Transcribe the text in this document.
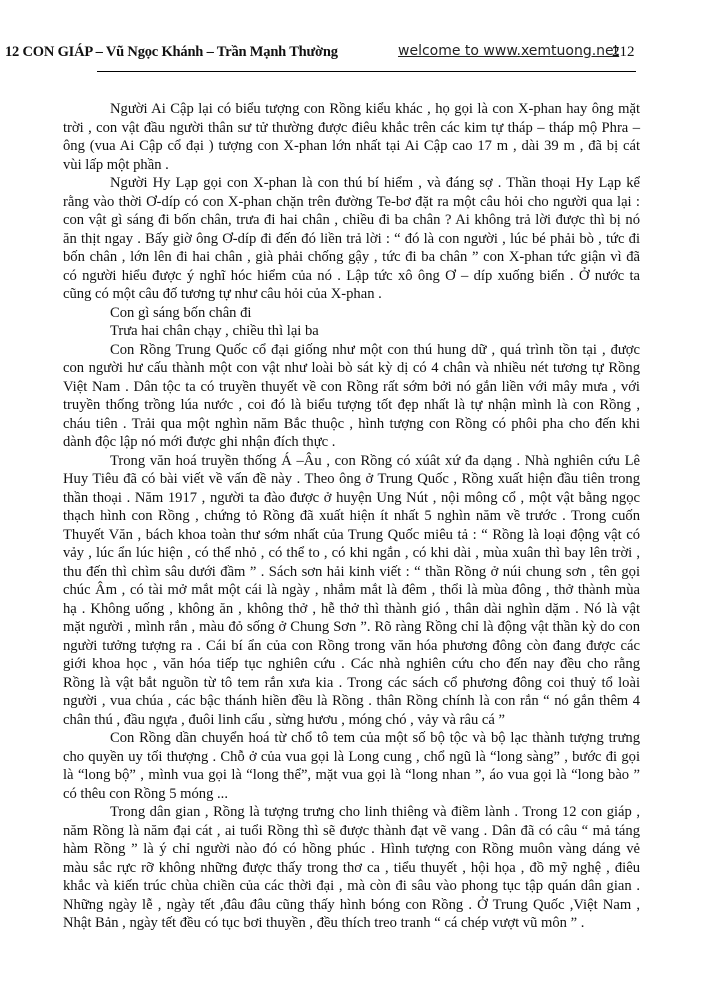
12 CON GIÁP – Vũ Ngọc Khánh – Trần Mạnh Thường	welcome to www.xemtuong.net
212
Người Ai Cập lại có biểu tượng con Rồng kiểu khác , họ gọi là con X-phan hay ông mặt
trời , con vật đầu người thân sư tử thường được điêu khắc trên các kim tự tháp – tháp mộ Phra –
ông (vua Ai Cập cổ đại ) tượng con X-phan lớn nhất tại Ai Cập cao 17 m , dài 39 m , đã bị cát
vùi lấp một phần .
Người Hy Lạp gọi con X-phan là con thú bí hiểm , và đáng sợ . Thần thoại Hy Lạp kể
rằng vào thời Ơ-díp có con X-phan chặn trên đường Te-bơ đặt ra một câu hỏi cho người qua lại :
con vật gì sáng đi bốn chân, trưa đi hai chân , chiều đi ba chân ? Ai không trả lời được thì bị nó
ăn thịt ngay . Bấy giờ ông Ơ-díp đi đến đó liền trả lời : “ đó là con người , lúc bé phải bò , tức đi
bốn chân , lớn lên đi hai chân , già phải chống gậy , tức đi ba chân ” con X-phan tức giận vì đã
có người hiểu được ý nghĩ hóc hiểm của nó . Lập tức xô ông Ơ – díp xuống biển . Ở nước ta
cũng có một câu đố tương tự như câu hỏi của X-phan .
Con gì sáng bốn chân đi
Trưa hai chân chạy , chiều thì lại ba
Con Rồng Trung Quốc cổ đại giống như một con thú hung dữ , quá trình tồn tại , được
con người hư cấu thành một con vật như loài bò sát kỳ dị có 4 chân và nhiều nét tương tự Rồng
Việt Nam . Dân tộc ta có truyền thuyết về con Rồng rất sớm bởi nó gắn liền với mây mưa , với
truyền thống trồng lúa nước , coi đó là biểu tượng tốt đẹp nhất là tự nhận mình là con Rồng ,
cháu tiên . Trải qua một nghìn năm Bắc thuộc , hình tượng con Rồng có phôi pha cho đến khi
dành độc lập nó mới được ghi nhận đích thực .
Trong văn hoá truyền thống Á –Âu , con Rồng có xúât xứ đa dạng . Nhà nghiên cứu Lê
Huy Tiêu đã có bài viết về vấn đề này . Theo ông ở Trung Quốc , Rồng xuất hiện đầu tiên trong
thần thoại . Năm 1917 , người ta đào được ở huyện Ung Nút , nội mông cổ , một vật bằng ngọc
thạch hình con Rồng , chứng tỏ Rồng đã xuất hiện ít nhất 5 nghìn năm về trước . Trong cuốn
Thuyết Văn , bách khoa toàn thư sớm nhất của Trung Quốc miêu tả : “ Rồng là loại động vật có
vảy , lúc ẩn lúc hiện , có thể nhỏ , có thể to , có khi ngắn , có khi dài , mùa xuân thì bay lên trời ,
thu đến thì chìm sâu dưới đầm ” . Sách sơn hải kinh viết : “ thần Rồng ở núi chung sơn , tên gọi
chúc Âm , có tài mở mắt một cái là ngày , nhắm mắt là đêm , thổi là mùa đông , thở thành mùa
hạ . Không uống , không ăn , không thở , hễ thở thì thành gió , thân dài nghìn dặm . Nó là vật
mặt người , mình rắn , màu đỏ sống ở Chung Sơn ”. Rõ ràng Rồng chỉ là động vật thần kỳ do con
người tưởng tượng ra . Cái bí ẩn của con Rồng trong văn hóa phương đông còn đang được các
giới khoa học , văn hóa tiếp tục nghiên cứu . Các nhà nghiên cứu cho đến nay đều cho rằng
Rồng là vật bắt nguồn từ tô tem rắn xưa kia . Trong các sách cổ phương đông coi thuỷ tổ loài
người , vua chúa , các bậc thánh hiền đều là Rồng . thân Rồng chính là con rắn “ nó gắn thêm 4
chân thú , đầu ngựa , đuôi linh cẩu , sừng hươu , móng chó , vảy và râu cá ”
Con Rồng dần chuyển hoá từ chổ tô tem của một số bộ tộc và bộ lạc thành tượng trưng
cho quyền uy tối thượng . Chỗ ở của vua gọi là Long cung , chổ ngũ là “long sàng” , bước đi gọi
là “long bộ” , mình vua gọi là “long thể”, mặt vua gọi là “long nhan ”, áo vua gọi là “long bào ”
có thêu con Rồng 5 móng ...
Trong dân gian , Rồng là tượng trưng cho linh thiêng và điềm lành . Trong 12 con giáp ,
năm Rồng là năm đại cát , ai tuổi Rồng thì sẽ được thành đạt vẽ vang . Dân đã có câu “ mả táng
hàm Rồng ” là ý chỉ người nào đó có hồng phúc . Hình tượng con Rồng muôn vàng dáng vẻ
màu sắc rực rỡ không những được thấy trong thơ ca , tiểu thuyết , hội họa , đồ mỹ nghệ , điêu
khắc và kiến trúc chùa chiền của các thời đại , mà còn đi sâu vào phong tục tập quán dân gian .
Những ngày lễ , ngày tết ,đâu đâu cũng thấy hình bóng con Rồng . Ở Trung Quốc ,Việt Nam ,
Nhật Bản , ngày tết đều có tục bơi thuyền , đều thích treo tranh “ cá chép vượt vũ môn ” .
